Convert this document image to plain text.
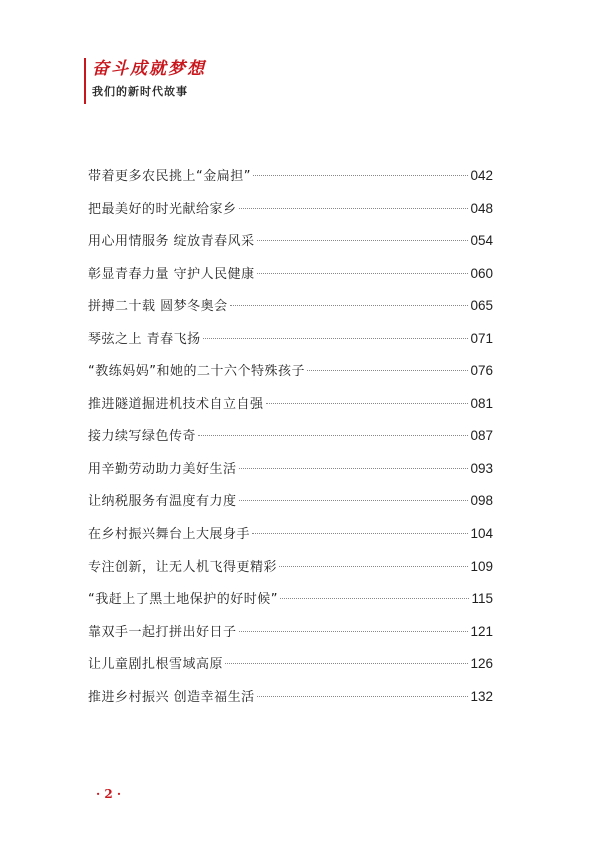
奋斗成就梦想
我们的新时代故事
带着更多农民挑上“金扁担”	042
把最美好的时光献给家乡	048
用心用情服务 绽放青春风采	054
彰显青春力量 守护人民健康	060
拼搏二十载 圆梦冬奥会	065
琴弦之上 青春飞扬	071
“教练妈妈”和她的二十六个特殊孩子	076
推进隧道掘进机技术自立自强	081
接力续写绿色传奇	087
用辛勤劳动助力美好生活	093
让纳税服务有温度有力度	098
在乡村振兴舞台上大展身手	104
专注创新，让无人机飞得更精彩	109
“我赶上了黑土地保护的好时候”	115
靠双手一起打拼出好日子	121
让儿童剧扎根雪域高原	126
推进乡村振兴 创造幸福生活	132
· 2 ·
